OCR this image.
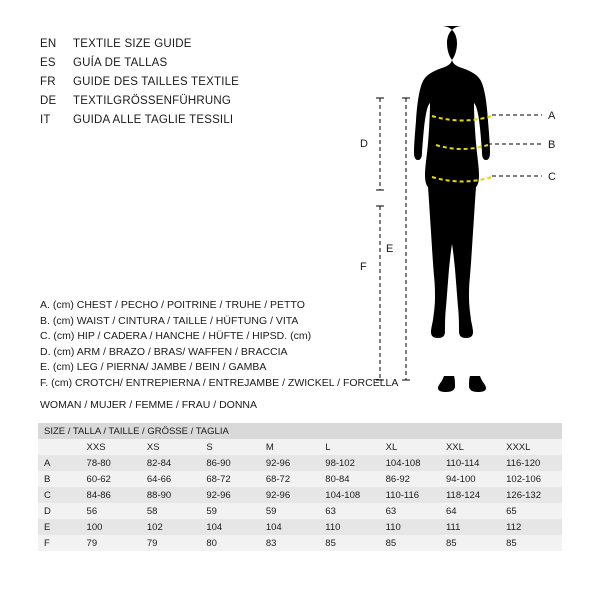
EN	TEXTILE SIZE GUIDE
ES	GUÍA DE TALLAS
FR	GUIDE DES TAILLES TEXTILE
DE	TEXTILGRÖSSENFÜHRUNG
IT	GUIDA ALLE TAGLIE TESSILI	A
B
C
D
E
F
A. (cm) CHEST / PECHO / POITRINE / TRUHE / PETTO
B. (cm) WAIST / CINTURA / TAILLE / HÜFTUNG / VITA
C. (cm) HIP / CADERA / HANCHE / HÜFTE / HIPSD. (cm)
D. (cm) ARM / BRAZO / BRAS/ WAFFEN / BRACCIA
E. (cm) LEG / PIERNA/ JAMBE / BEIN / GAMBA
F. (cm) CROTCH/ ENTREPIERNA / ENTREJAMBE / ZWICKEL / FORCELLA
WOMAN / MUJER / FEMME / FRAU / DONNA
SIZE / TALLA / TAILLE / GRÖSSE / TAGLIA								
	XXS	XS	S	M	L	XL	XXL	XXXL
A	78-80	82-84	86-90	92-96	98-102	104-108	110-114	116-120
B	60-62	64-66	68-72	68-72	80-84	86-92	94-100	102-106
C	84-86	88-90	92-96	92-96	104-108	110-116	118-124	126-132
D	56	58	59	59	63	63	64	65
E	100	102	104	104	110	110	111	112
F	79	79	80	83	85	85	85	85
